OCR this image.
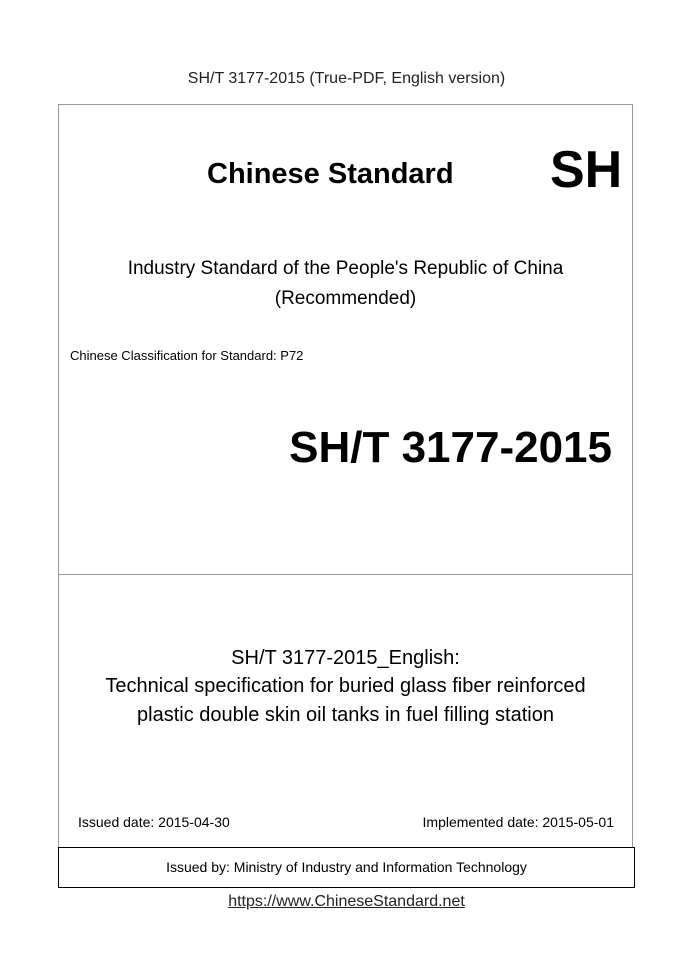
SH/T 3177-2015 (True-PDF, English version)
Chinese Standard SH
Industry Standard of the People's Republic of China
(Recommended)
Chinese Classification for Standard: P72
SH/T 3177-2015
SH/T 3177-2015_English:
Technical specification for buried glass fiber reinforced
plastic double skin oil tanks in fuel filling station
Issued date: 2015-04-30	Implemented date: 2015-05-01
Issued by: Ministry of Industry and Information Technology
https://www.ChineseStandard.net
